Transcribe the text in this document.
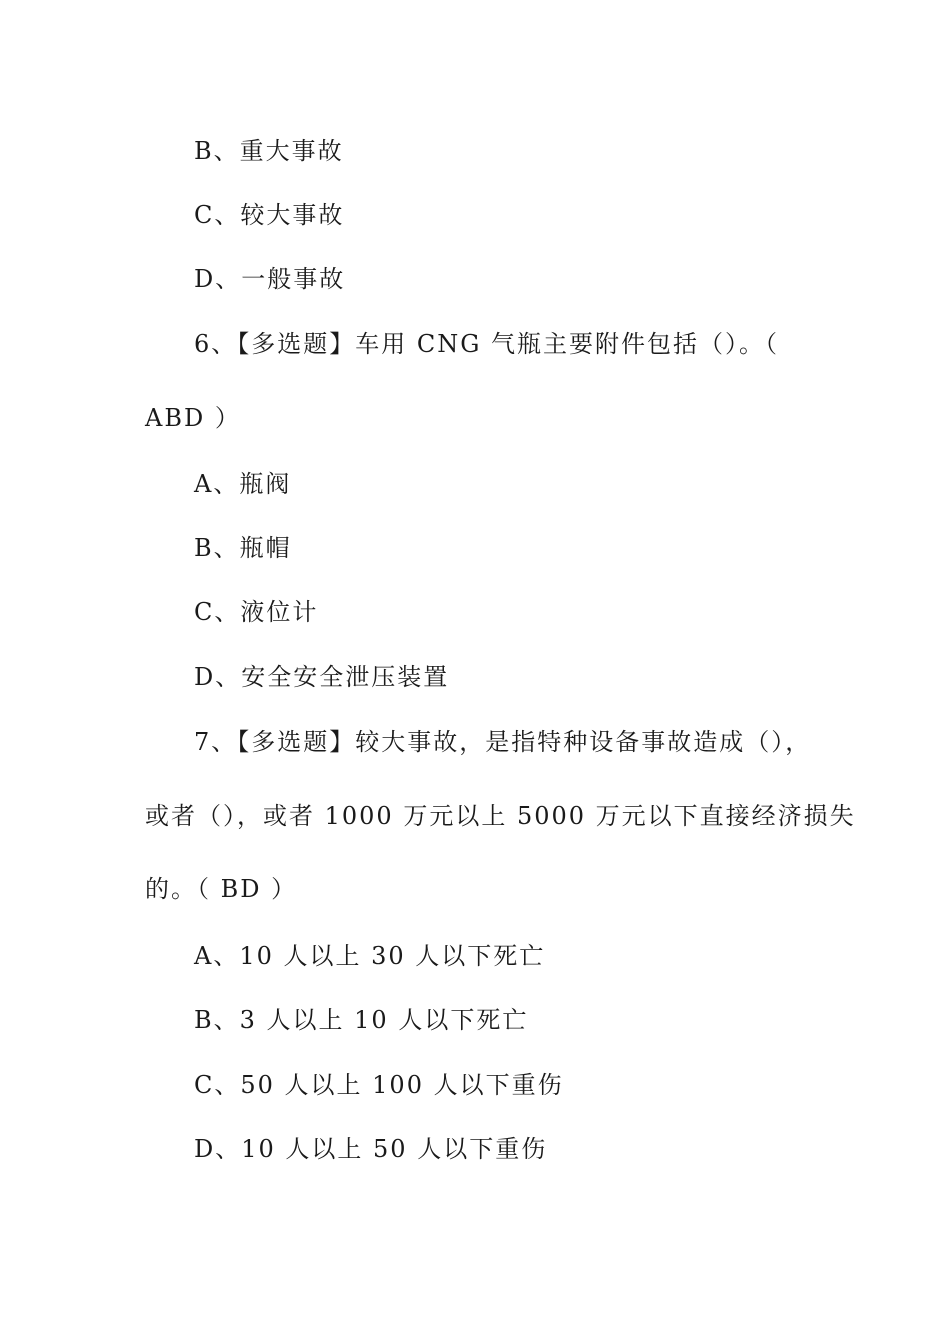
B、重大事故
C、较大事故
D、一般事故
6、【多选题】车用 CNG 气瓶主要附件包括（）。（
ABD ）
A、瓶阀
B、瓶帽
C、液位计
D、安全安全泄压装置
7、【多选题】较大事故，是指特种设备事故造成（），
或者（），或者 1000 万元以上 5000 万元以下直接经济损失
的。（ BD ）
A、10 人以上 30 人以下死亡
B、3 人以上 10 人以下死亡
C、50 人以上 100 人以下重伤
D、10 人以上 50 人以下重伤
